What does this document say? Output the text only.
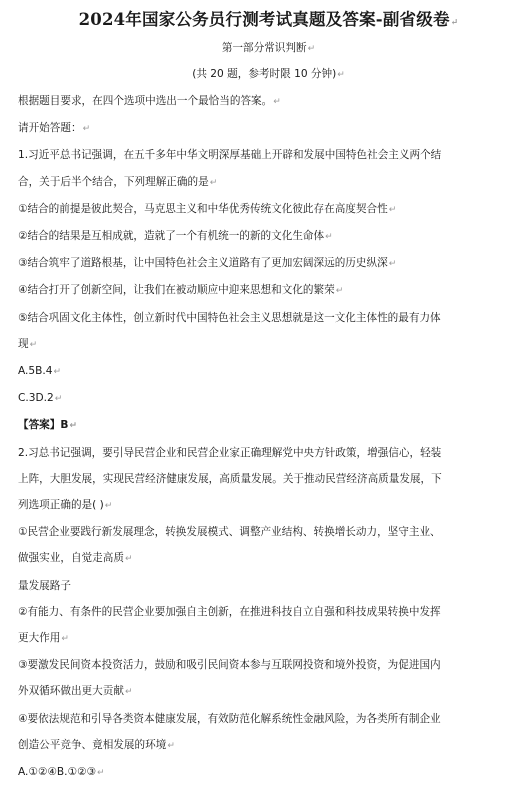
2024年国家公务员行测考试真题及答案-副省级卷↵
第一部分常识判断↵
(共 20 题，参考时限 10 分钟)↵
根据题目要求，在四个选项中选出一个最恰当的答案。↵
请开始答题：↵
1.习近平总书记强调，在五千多年中华文明深厚基础上开辟和发展中国特色社会主义两个结
合，关于后半个结合，下列理解正确的是↵
①结合的前提是彼此契合，马克思主义和中华优秀传统文化彼此存在高度契合性↵
②结合的结果是互相成就，造就了一个有机统一的新的文化生命体↵
③结合筑牢了道路根基，让中国特色社会主义道路有了更加宏阔深远的历史纵深↵
④结合打开了创新空间，让我们在被动顺应中迎来思想和文化的繁荣↵
⑤结合巩固文化主体性，创立新时代中国特色社会主义思想就是这一文化主体性的最有力体
现↵
A.5B.4↵
C.3D.2↵
【答案】B↵
2.习总书记强调，要引导民营企业和民营企业家正确理解党中央方针政策，增强信心，轻装
上阵，大胆发展，实现民营经济健康发展，高质量发展。关于推动民营经济高质量发展，下
列选项正确的是( )↵
①民营企业要践行新发展理念，转换发展模式、调整产业结构、转换增长动力，坚守主业、
做强实业，自觉走高质↵
量发展路子
②有能力、有条件的民营企业要加强自主创新，在推进科技自立自强和科技成果转换中发挥
更大作用↵
③要激发民间资本投资活力，鼓励和吸引民间资本参与互联网投资和境外投资，为促进国内
外双循环做出更大贡献↵
④要依法规范和引导各类资本健康发展，有效防范化解系统性金融风险，为各类所有制企业
创造公平竞争、竟相发展的环境↵
A.①②④B.①②③↵
